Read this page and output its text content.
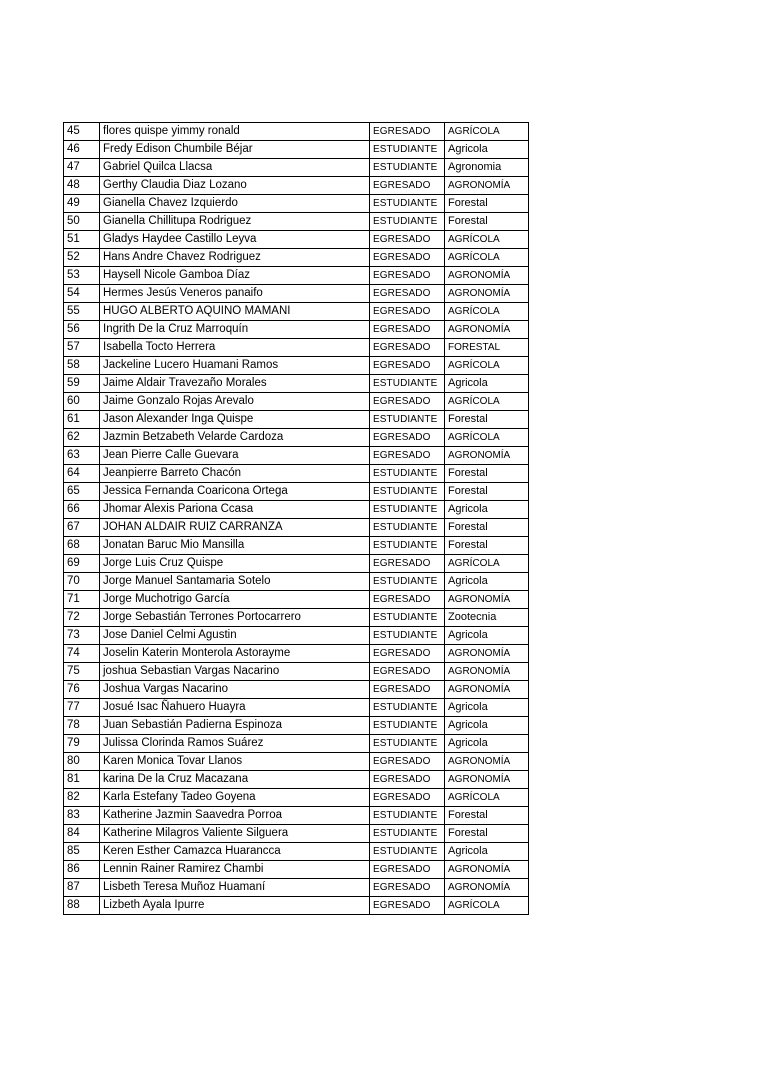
45	flores quispe yimmy ronald	EGRESADO	AGRÍCOLA
46	Fredy Edison Chumbile Béjar	ESTUDIANTE	Agricola
47	Gabriel Quilca Llacsa	ESTUDIANTE	Agronomia
48	Gerthy Claudia Diaz Lozano	EGRESADO	AGRONOMÍA
49	Gianella Chavez Izquierdo	ESTUDIANTE	Forestal
50	Gianella Chillitupa Rodriguez	ESTUDIANTE	Forestal
51	Gladys Haydee Castillo Leyva	EGRESADO	AGRÍCOLA
52	Hans Andre Chavez Rodriguez	EGRESADO	AGRÍCOLA
53	Haysell Nicole Gamboa Díaz	EGRESADO	AGRONOMÍA
54	Hermes Jesús Veneros panaifo	EGRESADO	AGRONOMÍA
55	HUGO ALBERTO AQUINO MAMANI	EGRESADO	AGRÍCOLA
56	Ingrith De la Cruz Marroquín	EGRESADO	AGRONOMÍA
57	Isabella Tocto Herrera	EGRESADO	FORESTAL
58	Jackeline Lucero Huamani Ramos	EGRESADO	AGRÍCOLA
59	Jaime Aldair Travezaño Morales	ESTUDIANTE	Agricola
60	Jaime Gonzalo Rojas Arevalo	EGRESADO	AGRÍCOLA
61	Jason Alexander Inga Quispe	ESTUDIANTE	Forestal
62	Jazmin Betzabeth Velarde Cardoza	EGRESADO	AGRÍCOLA
63	Jean Pierre Calle Guevara	EGRESADO	AGRONOMÍA
64	Jeanpierre Barreto Chacón	ESTUDIANTE	Forestal
65	Jessica Fernanda Coaricona Ortega	ESTUDIANTE	Forestal
66	Jhomar Alexis Pariona Ccasa	ESTUDIANTE	Agricola
67	JOHAN ALDAIR RUIZ CARRANZA	ESTUDIANTE	Forestal
68	Jonatan Baruc Mio Mansilla	ESTUDIANTE	Forestal
69	Jorge Luis Cruz Quispe	EGRESADO	AGRÍCOLA
70	Jorge Manuel Santamaria Sotelo	ESTUDIANTE	Agricola
71	Jorge Muchotrigo García	EGRESADO	AGRONOMÍA
72	Jorge Sebastián Terrones Portocarrero	ESTUDIANTE	Zootecnia
73	Jose Daniel Celmi Agustin	ESTUDIANTE	Agricola
74	Joselin Katerin Monterola Astorayme	EGRESADO	AGRONOMÍA
75	joshua Sebastian Vargas Nacarino	EGRESADO	AGRONOMÍA
76	Joshua Vargas Nacarino	EGRESADO	AGRONOMÍA
77	Josué Isac Ñahuero Huayra	ESTUDIANTE	Agricola
78	Juan Sebastián Padierna Espinoza	ESTUDIANTE	Agricola
79	Julissa Clorinda Ramos Suárez	ESTUDIANTE	Agricola
80	Karen Monica Tovar Llanos	EGRESADO	AGRONOMÍA
81	karina De la Cruz Macazana	EGRESADO	AGRONOMÍA
82	Karla Estefany Tadeo Goyena	EGRESADO	AGRÍCOLA
83	Katherine Jazmin Saavedra Porroa	ESTUDIANTE	Forestal
84	Katherine Milagros Valiente Silguera	ESTUDIANTE	Forestal
85	Keren Esther Camazca Huarancca	ESTUDIANTE	Agricola
86	Lennin Rainer Ramirez Chambi	EGRESADO	AGRONOMÍA
87	Lisbeth Teresa Muñoz Huamaní	EGRESADO	AGRONOMÍA
88	Lizbeth Ayala Ipurre	EGRESADO	AGRÍCOLA
